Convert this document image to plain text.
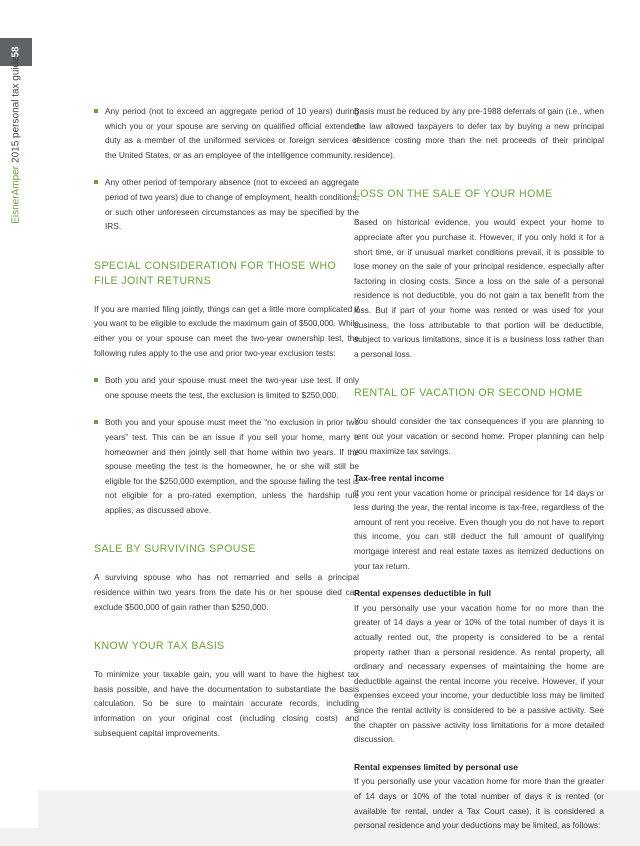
58
EisnerAmper2015 personal tax guide	Any period (not to exceed an aggregate period of 10 years) during which you or your spouse are serving on qualified official extended duty as a member of the uniformed services or foreign services of the United States, or as an employee of the intelligence community.

Any other period of temporary absence (not to exceed an aggregate period of two years) due to change of employment, health conditions, or such other unforeseen circumstances as may be specified by the IRS.

SPECIAL CONSIDERATION FOR THOSE WHO FILE JOINT RETURNS

If you are married filing jointly, things can get a little more complicated if you want to be eligible to exclude the maximum gain of $500,000. While either you or your spouse can meet the two-year ownership test, the following rules apply to the use and prior two-year exclusion tests:

Both you and your spouse must meet the two-year use test. If only one spouse meets the test, the exclusion is limited to $250,000.

Both you and your spouse must meet the “no exclusion in prior two years” test. This can be an issue if you sell your home, marry a homeowner and then jointly sell that home within two years. If the spouse meeting the test is the homeowner, he or she will still be eligible for the $250,000 exemption, and the spouse failing the test is not eligible for a pro-rated exemption, unless the hardship rule applies, as discussed above.

SALE BY SURVIVING SPOUSE

A surviving spouse who has not remarried and sells a principal residence within two years from the date his or her spouse died can exclude $500,000 of gain rather than $250,000.

KNOW YOUR TAX BASIS

To minimize your taxable gain, you will want to have the highest tax basis possible, and have the documentation to substantiate the basis calculation. So be sure to maintain accurate records, including information on your original cost (including closing costs) and subsequent capital improvements.

Basis must be reduced by any pre-1988 deferrals of gain (i.e., when the law allowed taxpayers to defer tax by buying a new principal residence costing more than the net proceeds of their principal residence).

LOSS ON THE SALE OF YOUR HOME

Based on historical evidence, you would expect your home to appreciate after you purchase it. However, if you only hold it for a short time, or if unusual market conditions prevail, it is possible to lose money on the sale of your principal residence, especially after factoring in closing costs. Since a loss on the sale of a personal residence is not deductible, you do not gain a tax benefit from the loss. But if part of your home was rented or was used for your business, the loss attributable to that portion will be deductible, subject to various limitations, since it is a business loss rather than a personal loss.

RENTAL OF VACATION OR SECOND HOME

You should consider the tax consequences if you are planning to rent out your vacation or second home. Proper planning can help you maximize tax savings.

Tax-free rental income

If you rent your vacation home or principal residence for 14 days or less during the year, the rental income is tax-free, regardless of the amount of rent you receive. Even though you do not have to report this income, you can still deduct the full amount of qualifying mortgage interest and real estate taxes as itemized deductions on your tax return.

Rental expenses deductible in full

If you personally use your vacation home for no more than the greater of 14 days a year or 10% of the total number of days it is actually rented out, the property is considered to be a rental property rather than a personal residence. As rental property, all ordinary and necessary expenses of maintaining the home are deductible against the rental income you receive. However, if your expenses exceed your income, your deductible loss may be limited since the rental activity is considered to be a passive activity. See the chapter on passive activity loss limitations for a more detailed discussion.

Rental expenses limited by personal use

If you personally use your vacation home for more than the greater of 14 days or 10% of the total number of days it is rented (or available for rental, under a Tax Court case), it is considered a personal residence and your deductions may be limited, as follows:
